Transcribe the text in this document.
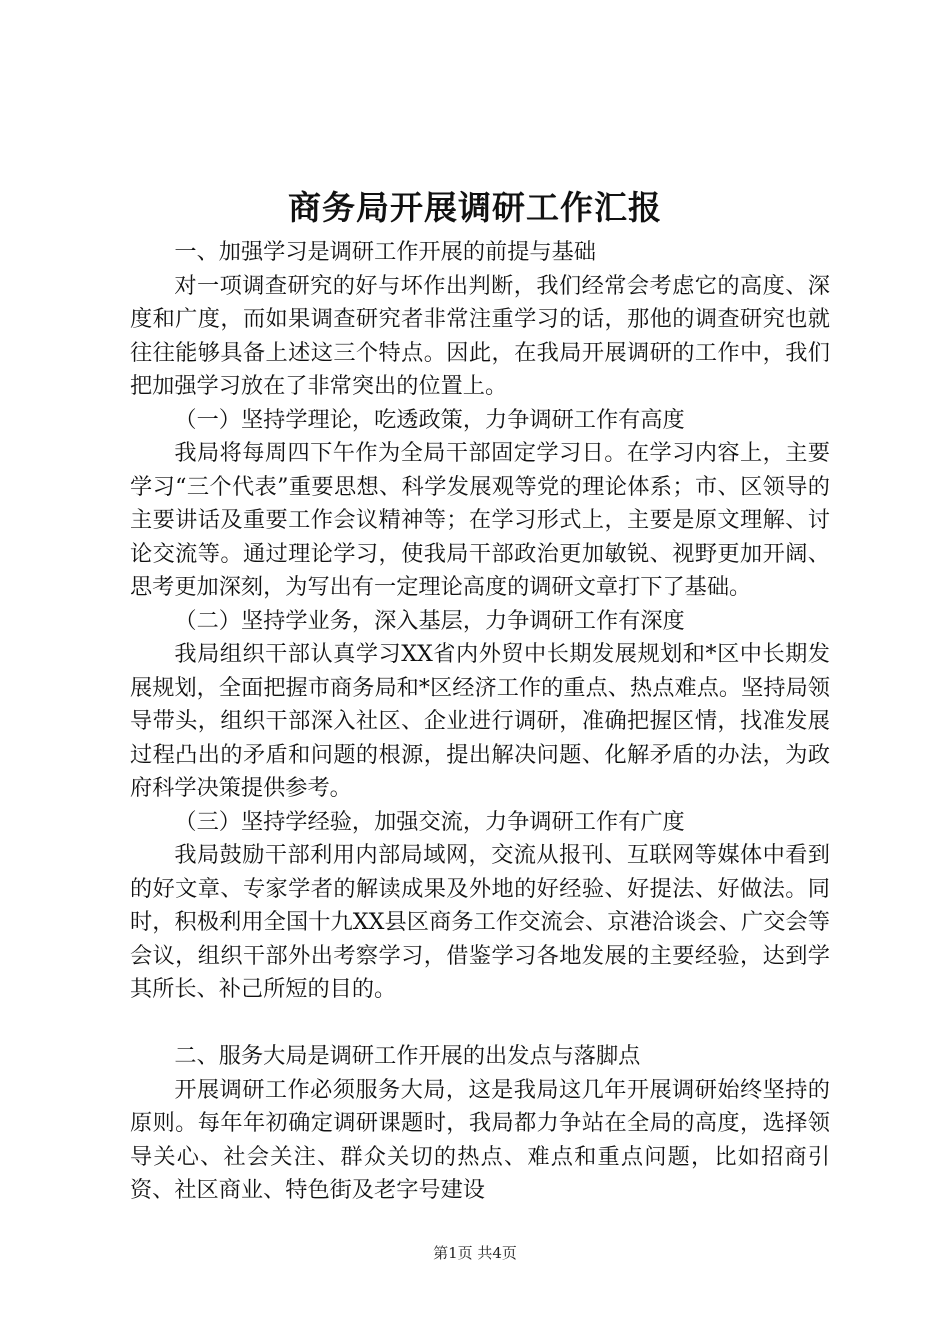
商务局开展调研工作汇报

一、加强学习是调研工作开展的前提与基础

对一项调查研究的好与坏作出判断，我们经常会考虑它的高度、深度和广度，而如果调查研究者非常注重学习的话，那他的调查研究也就往往能够具备上述这三个特点。因此，在我局开展调研的工作中，我们把加强学习放在了非常突出的位置上。

（一）坚持学理论，吃透政策，力争调研工作有高度

我局将每周四下午作为全局干部固定学习日。在学习内容上，主要学习“三个代表”重要思想、科学发展观等党的理论体系；市、区领导的主要讲话及重要工作会议精神等；在学习形式上，主要是原文理解、讨论交流等。通过理论学习，使我局干部政治更加敏锐、视野更加开阔、思考更加深刻，为写出有一定理论高度的调研文章打下了基础。

（二）坚持学业务，深入基层，力争调研工作有深度

我局组织干部认真学习XX省内外贸中长期发展规划和*区中长期发展规划，全面把握市商务局和*区经济工作的重点、热点难点。坚持局领导带头，组织干部深入社区、企业进行调研，准确把握区情，找准发展过程凸出的矛盾和问题的根源，提出解决问题、化解矛盾的办法，为政府科学决策提供参考。

（三）坚持学经验，加强交流，力争调研工作有广度

我局鼓励干部利用内部局域网，交流从报刊、互联网等媒体中看到的好文章、专家学者的解读成果及外地的好经验、好提法、好做法。同时，积极利用全国十九XX县区商务工作交流会、京港洽谈会、广交会等会议，组织干部外出考察学习，借鉴学习各地发展的主要经验，达到学其所长、补己所短的目的。

二、服务大局是调研工作开展的出发点与落脚点

开展调研工作必须服务大局，这是我局这几年开展调研始终坚持的原则。每年年初确定调研课题时，我局都力争站在全局的高度，选择领导关心、社会关注、群众关切的热点、难点和重点问题，比如招商引资、社区商业、特色街及老字号建设

第1页 共4页
